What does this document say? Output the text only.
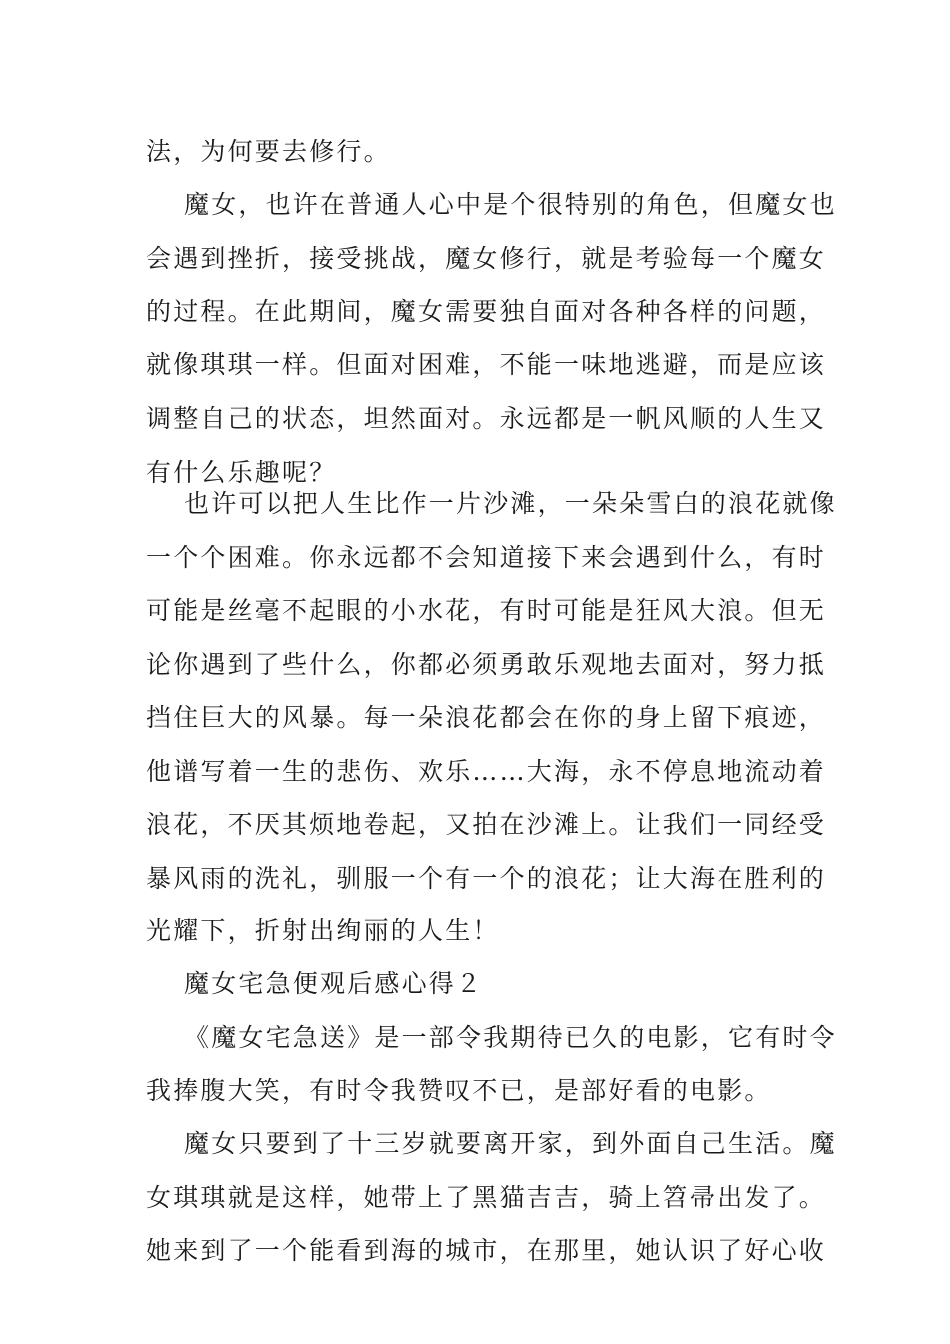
法，为何要去修行。
魔女，也许在普通人心中是个很特别的角色，但魔女也
会遇到挫折，接受挑战，魔女修行，就是考验每一个魔女
的过程。在此期间，魔女需要独自面对各种各样的问题，
就像琪琪一样。但面对困难，不能一味地逃避，而是应该
调整自己的状态，坦然面对。永远都是一帆风顺的人生又
有什么乐趣呢？
也许可以把人生比作一片沙滩，一朵朵雪白的浪花就像
一个个困难。你永远都不会知道接下来会遇到什么，有时
可能是丝毫不起眼的小水花，有时可能是狂风大浪。但无
论你遇到了些什么，你都必须勇敢乐观地去面对，努力抵
挡住巨大的风暴。每一朵浪花都会在你的身上留下痕迹，
他谱写着一生的悲伤、欢乐……大海，永不停息地流动着
浪花，不厌其烦地卷起，又拍在沙滩上。让我们一同经受
暴风雨的洗礼，驯服一个有一个的浪花；让大海在胜利的
光耀下，折射出绚丽的人生！
魔女宅急便观后感心得２
《魔女宅急送》是一部令我期待已久的电影，它有时令
我捧腹大笑，有时令我赞叹不已，是部好看的电影。
魔女只要到了十三岁就要离开家，到外面自己生活。魔
女琪琪就是这样，她带上了黑猫吉吉，骑上笤帚出发了。
她来到了一个能看到海的城市，在那里，她认识了好心收
